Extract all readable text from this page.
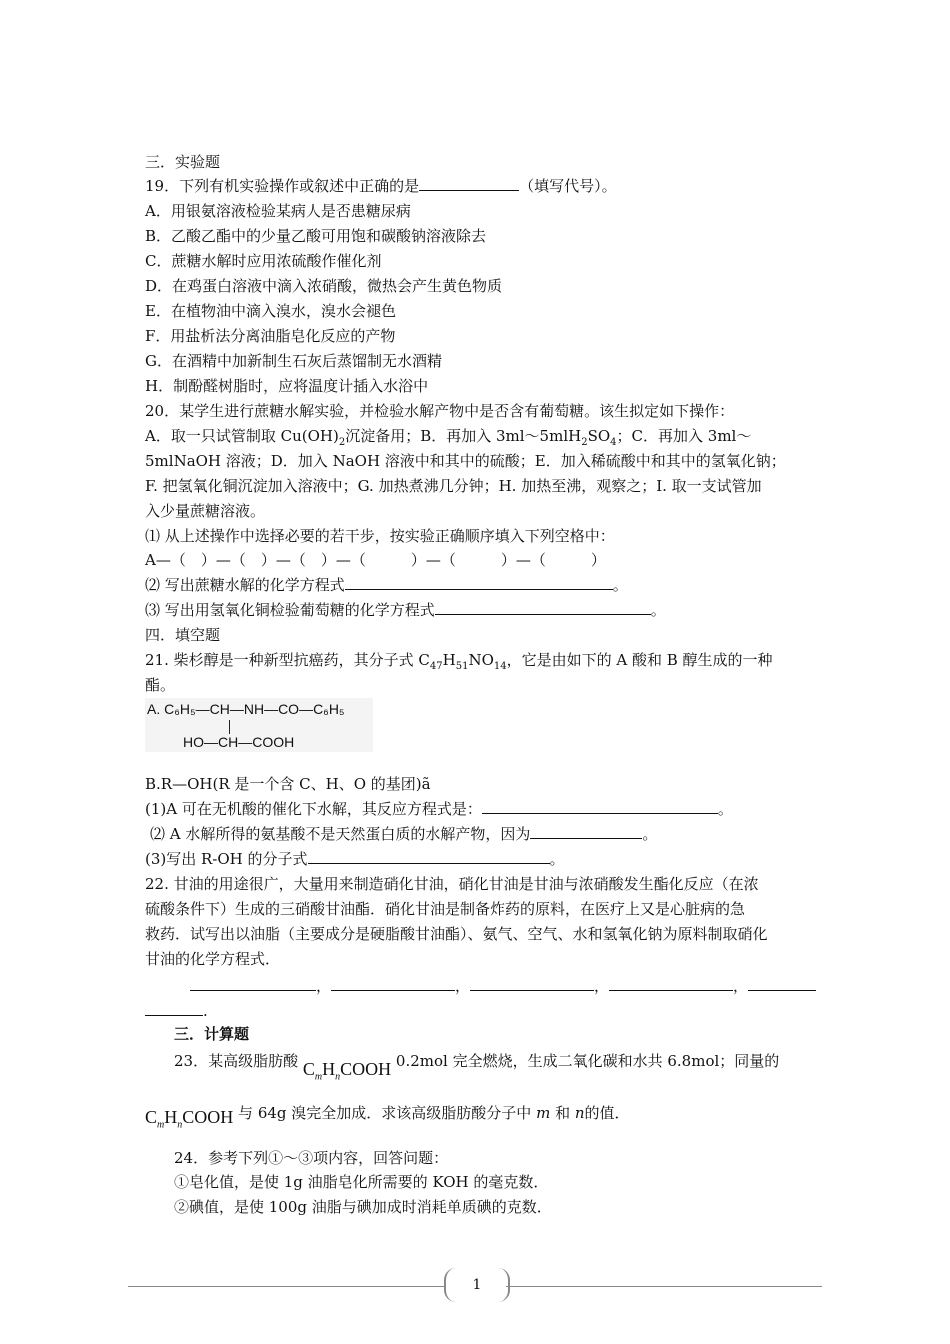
三．实验题
19．下列有机实验操作或叙述中正确的是	（填写代号）。
A．用银氨溶液检验某病人是否患糖尿病
B．乙酸乙酯中的少量乙酸可用饱和碳酸钠溶液除去
C．蔗糖水解时应用浓硫酸作催化剂
D．在鸡蛋白溶液中滴入浓硝酸，微热会产生黄色物质
E．在植物油中滴入溴水，溴水会褪色
F．用盐析法分离油脂皂化反应的产物
G．在酒精中加新制生石灰后蒸馏制无水酒精
H．制酚醛树脂时，应将温度计插入水浴中
20．某学生进行蔗糖水解实验，并检验水解产物中是否含有葡萄糖。该生拟定如下操作：
A．取一只试管制取 $Cu(OH)_2$沉淀备用；B．再加入 $3ml\sim 5mlH_2SO_4$；C．再加入 3ml～
5mlNaOH 溶液；D．加入 NaOH 溶液中和其中的硫酸；E．加入稀硫酸中和其中的氢氧化钠；
F. 把氢氧化铜沉淀加入溶液中；G. 加热煮沸几分钟；H. 加热至沸，观察之；I. 取一支试管加
入少量蔗糖溶液。
⑴ 从上述操作中选择必要的若干步，按实验正确顺序填入下列空格中：
A—（　）—（　）—（　）—（　　　）—（　　　）—（　　　）
⑵ 写出蔗糖水解的化学方程式	。
⑶ 写出用氢氧化铜检验葡萄糖的化学方程式	。
四．填空题
21. 柴杉醇是一种新型抗癌药，其分子式 $C_{47}H_{51}NO_{14}$，它是由如下的 A 酸和 B 醇生成的一种
酯。
A. C₆H₅—CH—NH—CO—C₆H₅
HO—CH—COOH
B.R—OH(R 是一个含 C、H、O 的基团)ã
(1)A 可在无机酸的催化下水解，其反应方程式是：	。
⑵ A 水解所得的氨基酸不是天然蛋白质的水解产物，因为	。
(3)写出 R-OH 的分子式	。
22. 甘油的用途很广，大量用来制造硝化甘油，硝化甘油是甘油与浓硝酸发生酯化反应（在浓
硫酸条件下）生成的三硝酸甘油酯．硝化甘油是制备炸药的原料，在医疗上又是心脏病的急
救药．试写出以油脂（主要成分是硬脂酸甘油酯）、氨气、空气、水和氢氧化钠为原料制取硝化
甘油的化学方程式．
，	，	，	，
.
三．计算题
23．某高级脂肪酸 $C_mH_nCOOH$ 0.2mol 完全燃烧，生成二氧化碳和水共 6.8mol；同量的
$C_mH_nCOOH$ 与 64g 溴完全加成．求该高级脂肪酸分子中 m 和 n的值．
24．参考下列①～③项内容，回答问题：
①皂化值，是使 1g 油脂皂化所需要的 KOH 的毫克数．
②碘值，是使 100g 油脂与碘加成时消耗单质碘的克数．
1
